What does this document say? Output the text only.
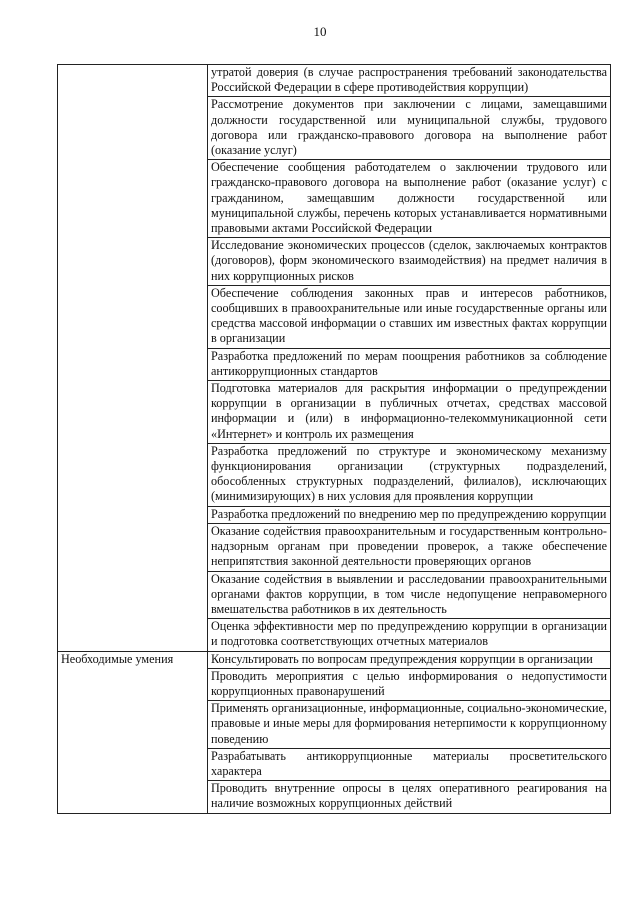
10
	утратой доверия (в случае распространения требований законодательства Российской Федерации в сфере противодействия коррупции)
	Рассмотрение документов при заключении с лицами, замещавшими должности государственной или муниципальной службы, трудового договора или гражданско-правового договора на выполнение работ (оказание услуг)
	Обеспечение сообщения работодателем о заключении трудового или гражданско-правового договора на выполнение работ (оказание услуг) с гражданином, замещавшим должности государственной или муниципальной службы, перечень которых устанавливается нормативными правовыми актами Российской Федерации
	Исследование экономических процессов (сделок, заключаемых контрактов (договоров), форм экономического взаимодействия) на предмет наличия в них коррупционных рисков
	Обеспечение соблюдения законных прав и интересов работников, сообщивших в правоохранительные или иные государственные органы или средства массовой информации о ставших им известных фактах коррупции в организации
	Разработка предложений по мерам поощрения работников за соблюдение антикоррупционных стандартов
	Подготовка материалов для раскрытия информации о предупреждении коррупции в организации в публичных отчетах, средствах массовой информации и (или) в информационно-телекоммуникационной сети «Интернет» и контроль их размещения
	Разработка предложений по структуре и экономическому механизму функционирования организации (структурных подразделений, обособленных структурных подразделений, филиалов), исключающих (минимизирующих) в них условия для проявления коррупции
	Разработка предложений по внедрению мер по предупреждению коррупции
	Оказание содействия правоохранительным и государственным контрольно-надзорным органам при проведении проверок, а также обеспечение неприпятствия законной деятельности проверяющих органов
	Оказание содействия в выявлении и расследовании правоохранительными органами фактов коррупции, в том числе недопущение неправомерного вмешательства работников в их деятельность
	Оценка эффективности мер по предупреждению коррупции в организации и подготовка соответствующих отчетных материалов
Необходимые умения	Консультировать по вопросам предупреждения коррупции в организации
	Проводить мероприятия с целью информирования о недопустимости коррупционных правонарушений
	Применять организационные, информационные, социально-экономические, правовые и иные меры для формирования нетерпимости к коррупционному поведению
	Разрабатывать антикоррупционные материалы просветительского характера
	Проводить внутренние опросы в целях оперативного реагирования на наличие возможных коррупционных действий
